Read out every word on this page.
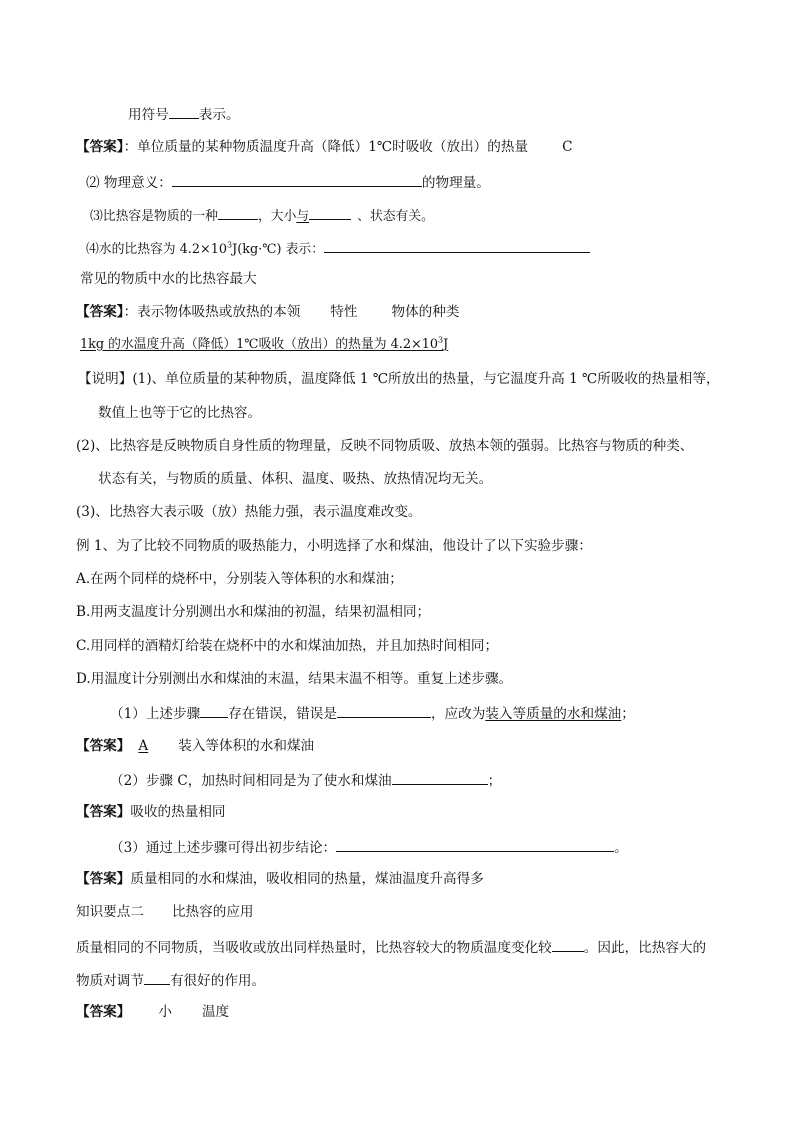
用符号 表示。
【答案】：单位质量的某种物质温度升高（降低）1℃时吸收（放出）的热量	C
⑵ 物理意义：	的物理量。
⑶比热容是物质的一种	，大小与	、状态有关。
⑷水的比热容为 $4.2\times 10^3J(kg\cdot℃)$ 表示：
常见的物质中水的比热容最大
【答案】：表示物体吸热或放热的本领 特性	物体的种类
1kg 的水温度升高（降低）1℃吸收（放出）的热量为 $4.2\times 10^3J$
【说明】(1)、单位质量的某种物质，温度降低 1 ℃所放出的热量，与它温度升高 1 ℃所吸收的热量相等，
数值上也等于它的比热容。
(2)、比热容是反映物质自身性质的物理量，反映不同物质吸、放热本领的强弱。比热容与物质的种类、
状态有关，与物质的质量、体积、温度、吸热、放热情况均无关。
(3)、比热容大表示吸（放）热能力强，表示温度难改变。
例 1、为了比较不同物质的吸热能力，小明选择了水和煤油，他设计了以下实验步骤：
A.在两个同样的烧杯中，分别装入等体积的水和煤油；
B.用两支温度计分别测出水和煤油的初温，结果初温相同；
C.用同样的酒精灯给装在烧杯中的水和煤油加热，并且加热时间相同；
D.用温度计分别测出水和煤油的末温，结果末温不相等。重复上述步骤。
（1）上述步骤 存在错误，错误是	，应改为装入等质量的水和煤油；
【答案】 A 装入等体积的水和煤油
（2）步骤 C，加热时间相同是为了使水和煤油	；
【答案】吸收的热量相同
（3）通过上述步骤可得出初步结论：	。
【答案】质量相同的水和煤油，吸收相同的热量，煤油温度升高得多
知识要点二 比热容的应用
质量相同的不同物质，当吸收或放出同样热量时，比热容较大的物质温度变化较 。因此，比热容大的
物质对调节 有很好的作用。
【答案】 小 温度
